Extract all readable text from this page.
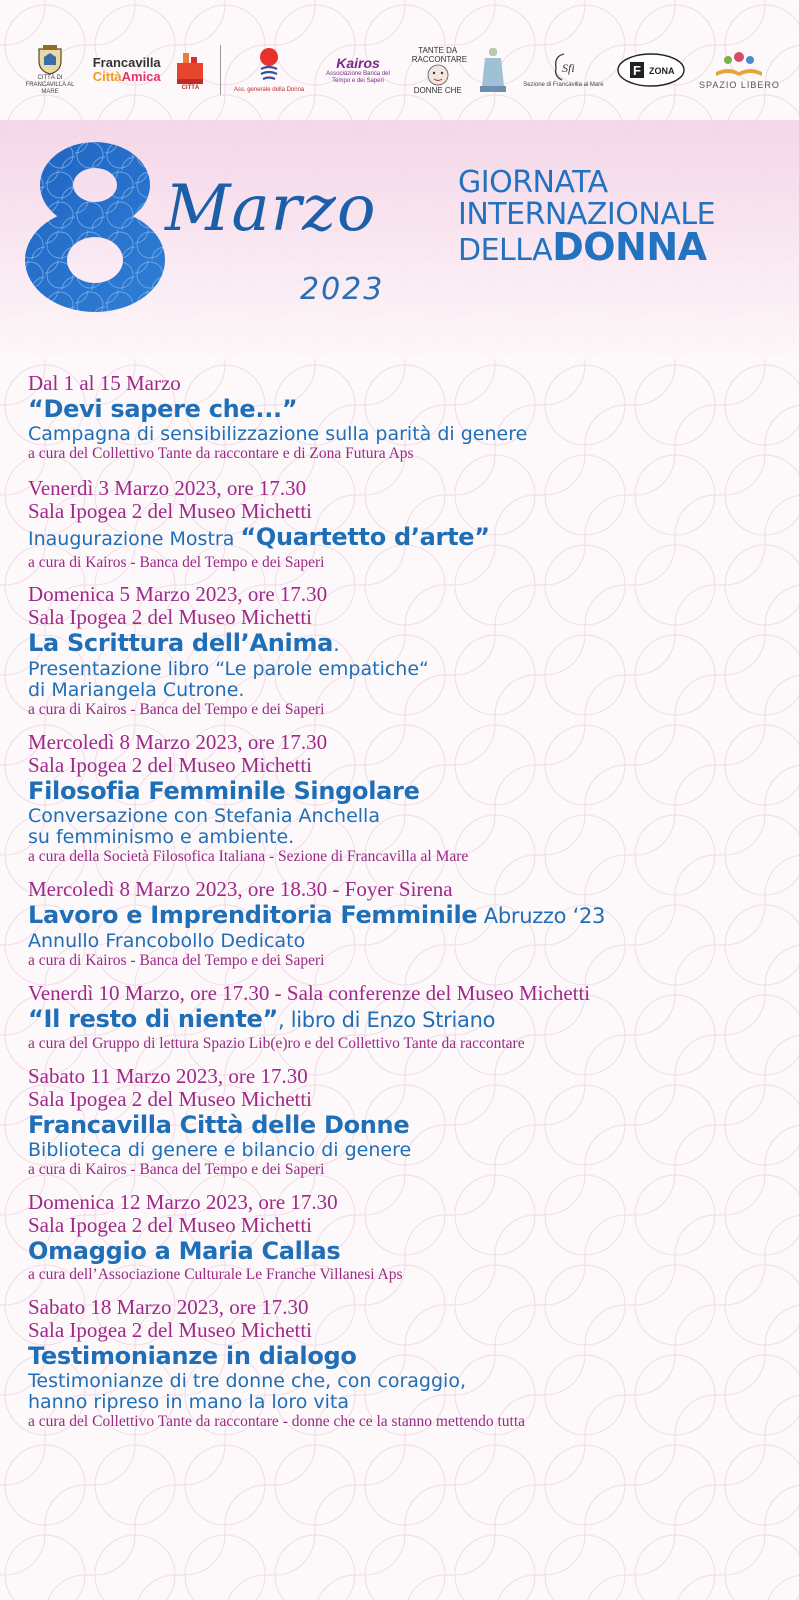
CITTÀ DI FRANCAVILLA AL MARE
Francavilla
CittàAmica
CITTÀ	Ass. generale della Donna
Kairos
Associazione Banca del Tempo e dei Saperi
TANTE DA RACCONTARE
DONNE CHE
Sfi
Sezione di Francavilla al Mare
F ZONA
SPAZIO LIBERO
8 Marzo
2023
GIORNATA
INTERNAZIONALE
DELLADONNA
Dal 1 al 15 Marzo
“Devi sapere che...”
Campagna di sensibilizzazione sulla parità di genere
a cura del Collettivo Tante da raccontare e di Zona Futura Aps
Venerdì 3 Marzo 2023, ore 17.30
Sala Ipogea 2 del Museo Michetti
Inaugurazione Mostra “Quartetto d’arte”
a cura di Kairos - Banca del Tempo e dei Saperi
Domenica 5 Marzo 2023, ore 17.30
Sala Ipogea 2 del Museo Michetti
La Scrittura dell’Anima.
Presentazione libro “Le parole empatiche“
di Mariangela Cutrone.
a cura di Kairos - Banca del Tempo e dei Saperi
Mercoledì 8 Marzo 2023, ore 17.30
Sala Ipogea 2 del Museo Michetti
Filosofia Femminile Singolare
Conversazione con Stefania Anchella
su femminismo e ambiente.
a cura della Società Filosofica Italiana - Sezione di Francavilla al Mare
Mercoledì 8 Marzo 2023, ore 18.30 - Foyer Sirena
Lavoro e Imprenditoria Femminile Abruzzo ‘23
Annullo Francobollo Dedicato
a cura di Kairos - Banca del Tempo e dei Saperi
Venerdì 10 Marzo, ore 17.30 - Sala conferenze del Museo Michetti
“Il resto di niente”, libro di Enzo Striano
a cura del Gruppo di lettura Spazio Lib(e)ro e del Collettivo Tante da raccontare
Sabato 11 Marzo 2023, ore 17.30
Sala Ipogea 2 del Museo Michetti
Francavilla Città delle Donne
Biblioteca di genere e bilancio di genere
a cura di Kairos - Banca del Tempo e dei Saperi
Domenica 12 Marzo 2023, ore 17.30
Sala Ipogea 2 del Museo Michetti
Omaggio a Maria Callas
a cura dell’Associazione Culturale Le Franche Villanesi Aps
Sabato 18 Marzo 2023, ore 17.30
Sala Ipogea 2 del Museo Michetti
Testimonianze in dialogo
Testimonianze di tre donne che, con coraggio,
hanno ripreso in mano la loro vita
a cura del Collettivo Tante da raccontare - donne che ce la stanno mettendo tutta
